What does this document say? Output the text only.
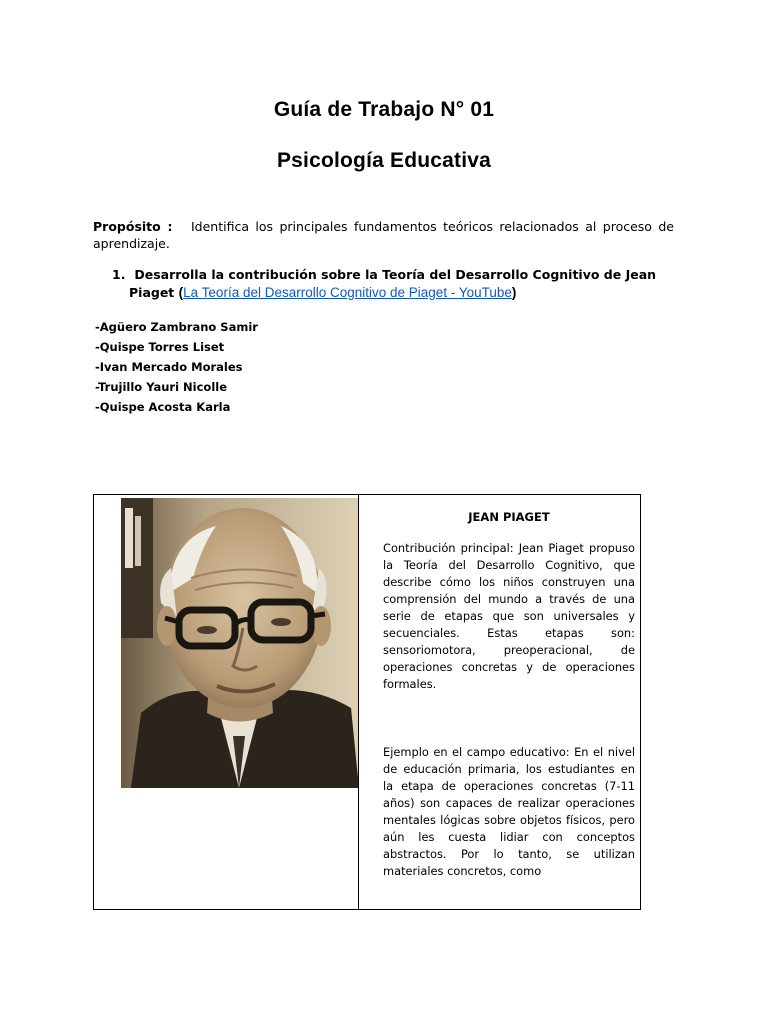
Guía de Trabajo N° 01
Psicología Educativa
Propósito : Identifica los principales fundamentos teóricos relacionados al proceso de aprendizaje.
1. Desarrolla la contribución sobre la Teoría del Desarrollo Cognitivo de Jean
Piaget (La Teoría del Desarrollo Cognitivo de Piaget - YouTube)
-Agüero Zambrano Samir
-Quispe Torres Liset
-Ivan Mercado Morales
-Trujillo Yauri Nicolle
-Quispe Acosta Karla
JEAN PIAGET

Contribución principal: Jean Piaget propuso la Teoría del Desarrollo Cognitivo, que describe cómo los niños construyen una comprensión del mundo a través de una serie de etapas que son universales y secuenciales. Estas etapas son: sensoriomotora, preoperacional, de operaciones concretas y de operaciones formales.

Ejemplo en el campo educativo: En el nivel de educación primaria, los estudiantes en la etapa de operaciones concretas (7-11 años) son capaces de realizar operaciones mentales lógicas sobre objetos físicos, pero aún les cuesta lidiar con conceptos abstractos. Por lo tanto, se utilizan materiales concretos, como
